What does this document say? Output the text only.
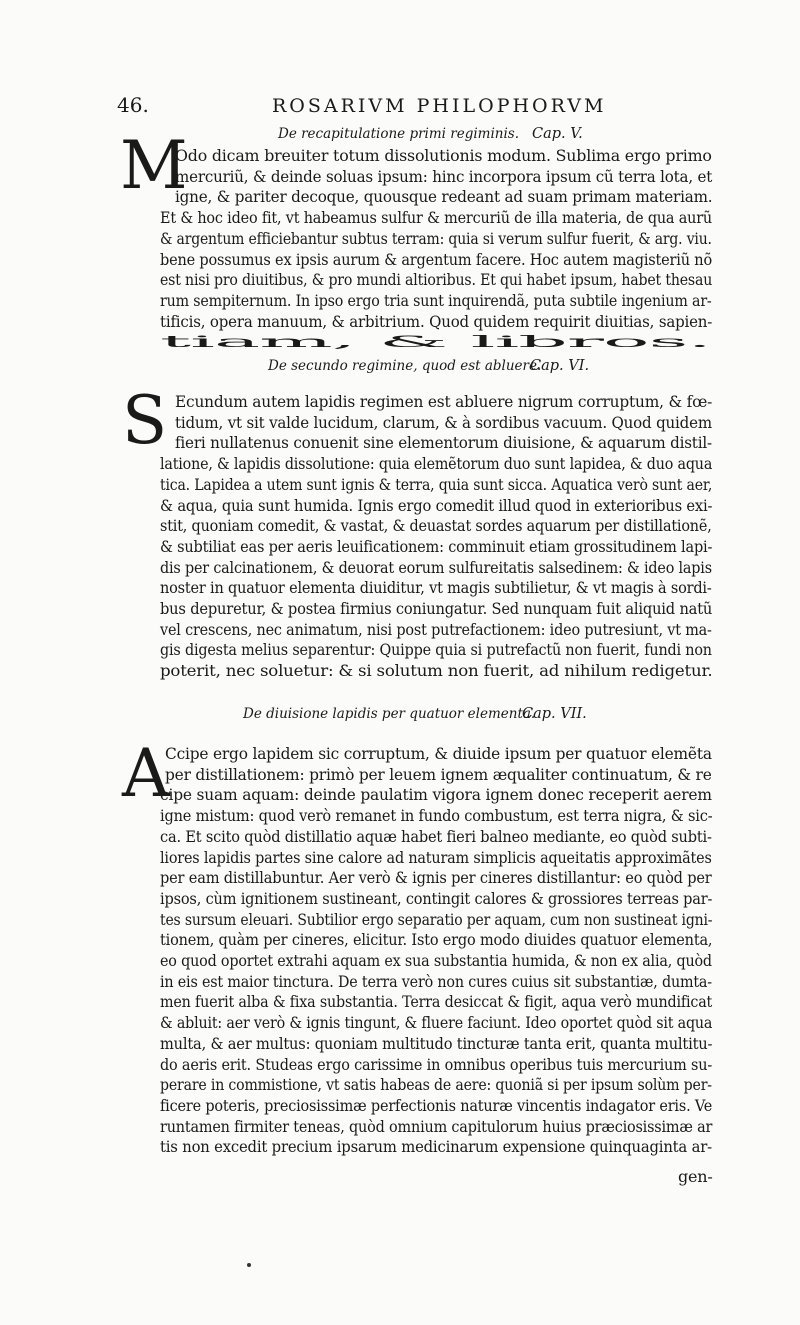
46.	ROSARIVM PHILOPHORVM
De recapitulatione primi regiminis. Cap. V.
M
Odo dicam breuiter totum dissolutionis modum. Sublima ergo primo
mercuriũ, & deinde soluas ipsum: hinc incorpora ipsum cũ terra lota, et
igne, & pariter decoque, quousque redeant ad suam primam materiam.
Et & hoc ideo fit, vt habeamus sulfur & mercuriũ de illa materia, de qua aurũ
& argentum efficiebantur subtus terram: quia si verum sulfur fuerit, & arg. viu.
bene possumus ex ipsis aurum & argentum facere. Hoc autem magisteriũ nõ
est nisi pro diuitibus, & pro mundi altioribus. Et qui habet ipsum, habet thesau
rum sempiternum. In ipso ergo tria sunt inquirendã, puta subtile ingenium ar-
tificis, opera manuum, & arbitrium. Quod quidem requirit diuitias, sapien-
tiam, & libros.
De secundo regimine, quod est abluere.
Cap. VI.
S Ecundum autem lapidis regimen est abluere nigrum corruptum, & fœ-
tidum, vt sit valde lucidum, clarum, & à sordibus vacuum. Quod quidem
fieri nullatenus conuenit sine elementorum diuisione, & aquarum distil-
latione, & lapidis dissolutione: quia elemẽtorum duo sunt lapidea, & duo aqua
tica. Lapidea a utem sunt ignis & terra, quia sunt sicca. Aquatica verò sunt aer,
& aqua, quia sunt humida. Ignis ergo comedit illud quod in exterioribus exi-
stit, quoniam comedit, & vastat, & deuastat sordes aquarum per distillationẽ,
& subtiliat eas per aeris leuificationem: comminuit etiam grossitudinem lapi-
dis per calcinationem, & deuorat eorum sulfureitatis salsedinem: & ideo lapis
noster in quatuor elementa diuiditur, vt magis subtilietur, & vt magis à sordi-
bus depuretur, & postea firmius coniungatur. Sed nunquam fuit aliquid natũ
vel crescens, nec animatum, nisi post putrefactionem: ideo putresiunt, vt ma-
gis digesta melius separentur: Quippe quia si putrefactũ non fuerit, fundi non
poterit, nec soluetur: & si solutum non fuerit, ad nihilum redigetur.
De diuisione lapidis per quatuor elementa.
Cap. VII.
A
Ccipe ergo lapidem sic corruptum, & diuide ipsum per quatuor elemẽta
per distillationem: primò per leuem ignem æqualiter continuatum, & re
cipe suam aquam: deinde paulatim vigora ignem donec receperit aerem
igne mistum: quod verò remanet in fundo combustum, est terra nigra, & sic-
ca. Et scito quòd distillatio aquæ habet fieri balneo mediante, eo quòd subti-
liores lapidis partes sine calore ad naturam simplicis aqueitatis approximãtes
per eam distillabuntur. Aer verò & ignis per cineres distillantur: eo quòd per
ipsos, cùm ignitionem sustineant, contingit calores & grossiores terreas par-
tes sursum eleuari. Subtilior ergo separatio per aquam, cum non sustineat igni-
tionem, quàm per cineres, elicitur. Isto ergo modo diuides quatuor elementa,
eo quod oportet extrahi aquam ex sua substantia humida, & non ex alia, quòd
in eis est maior tinctura. De terra verò non cures cuius sit substantiæ, dumta-
men fuerit alba & fixa substantia. Terra desiccat & figit, aqua verò mundificat
& abluit: aer verò & ignis tingunt, & fluere faciunt. Ideo oportet quòd sit aqua
multa, & aer multus: quoniam multitudo tincturæ tanta erit, quanta multitu-
do aeris erit. Studeas ergo carissime in omnibus operibus tuis mercurium su-
perare in commistione, vt satis habeas de aere: quoniã si per ipsum solùm per-
ficere poteris, preciosissimæ perfectionis naturæ vincentis indagator eris. Ve
runtamen firmiter teneas, quòd omnium capitulorum huius præciosissimæ ar
tis non excedit precium ipsarum medicinarum expensione quinquaginta ar-
gen-
